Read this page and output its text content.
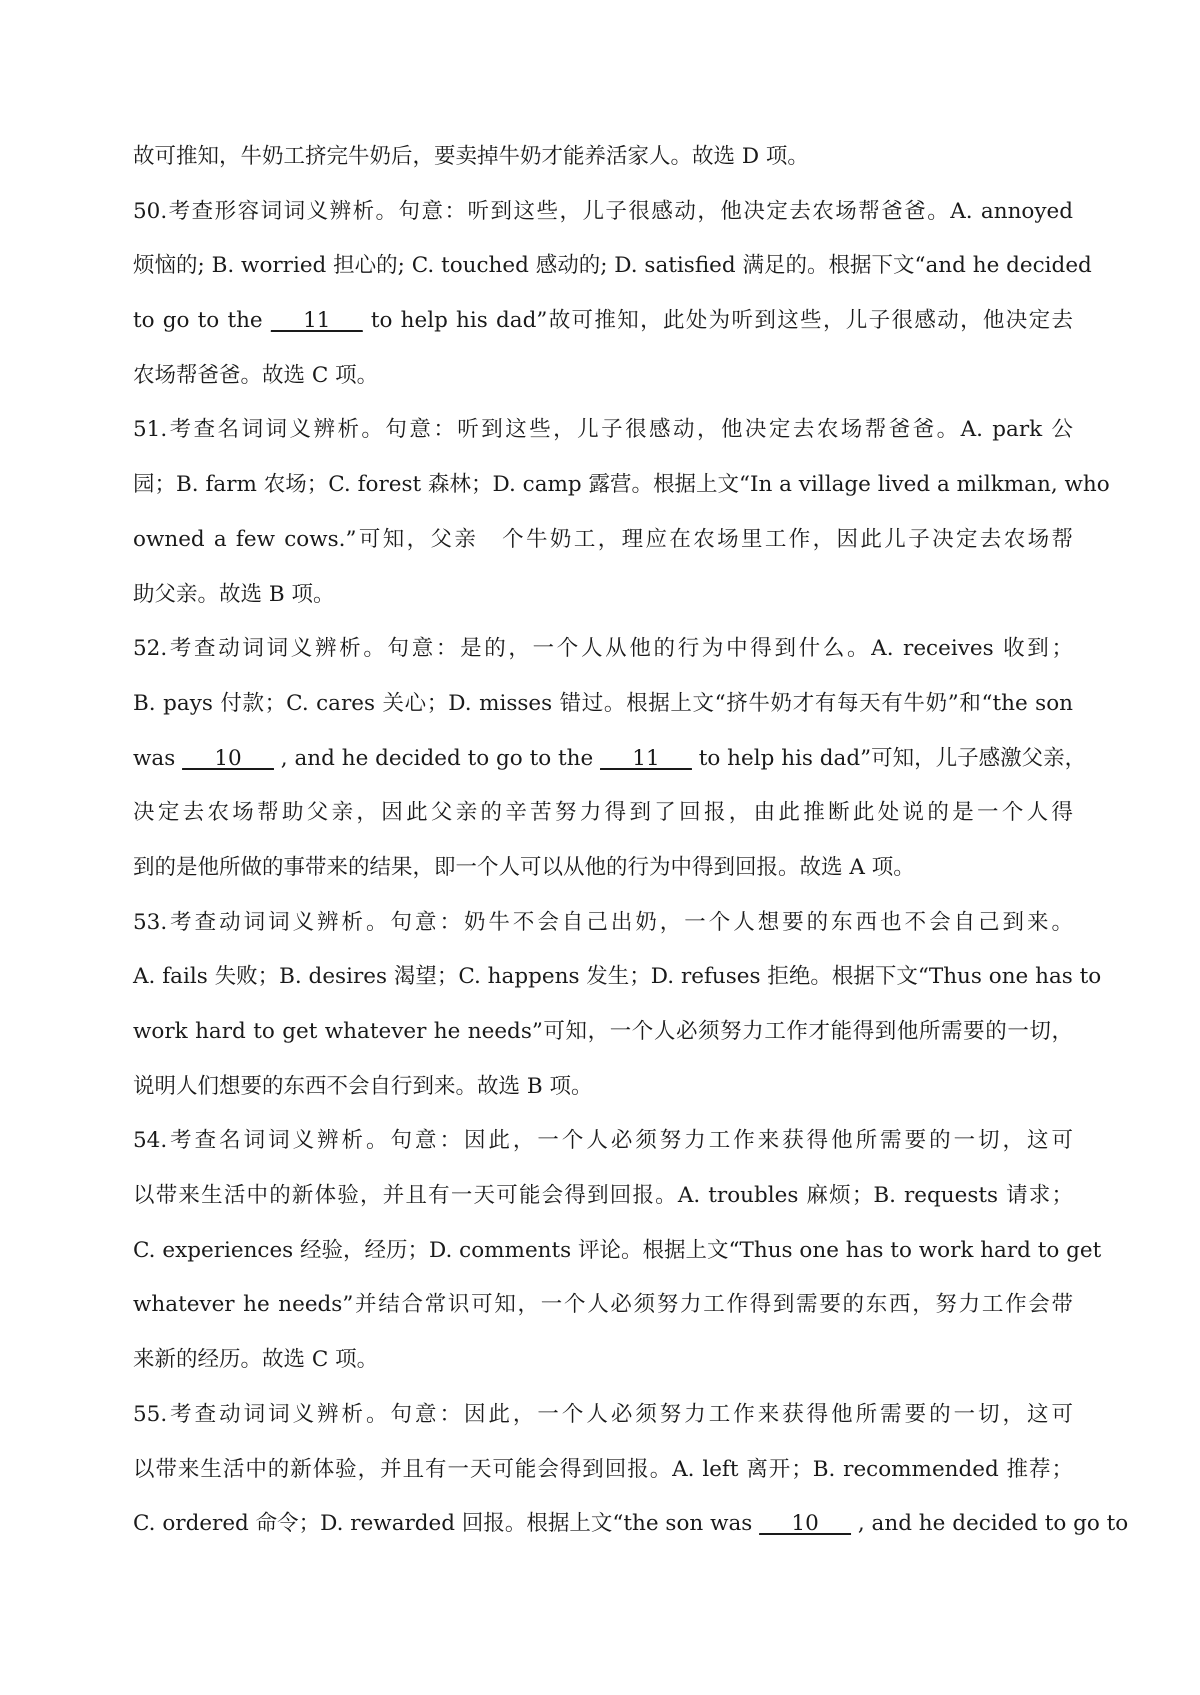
故可推知，牛奶工挤完牛奶后，要卖掉牛奶才能养活家人。故选 D 项。
50.考查形容词词义辨析。句意：听到这些，儿子很感动，他决定去农场帮爸爸。A. annoyed
烦恼的; B. worried 担心的; C. touched 感动的; D. satisfied 满足的。根据下文“and he decided
to go to the ___11___ to help his dad”故可推知，此处为听到这些，儿子很感动，他决定去
农场帮爸爸。故选 C 项。
51.考查名词词义辨析。句意：听到这些，儿子很感动，他决定去农场帮爸爸。A. park 公
园；B. farm 农场；C. forest 森林；D. camp 露营。根据上文“In a village lived a milkman, who
owned a few cows.”可知，父亲　个牛奶工，理应在农场里工作，因此儿子决定去农场帮
助父亲。故选 B 项。
52.考查动词词义辨析。句意：是的，一个人从他的行为中得到什么。A. receives 收到；
B. pays 付款；C. cares 关心；D. misses 错过。根据上文“挤牛奶才有每天有牛奶”和“the son
was ___10___ , and he decided to go to the ___11___ to help his dad”可知，儿子感激父亲，
决定去农场帮助父亲，因此父亲的辛苦努力得到了回报，由此推断此处说的是一个人得
到的是他所做的事带来的结果，即一个人可以从他的行为中得到回报。故选 A 项。
53.考查动词词义辨析。句意：奶牛不会自己出奶，一个人想要的东西也不会自己到来。
A. fails 失败；B. desires 渴望；C. happens 发生；D. refuses 拒绝。根据下文“Thus one has to
work hard to get whatever he needs”可知，一个人必须努力工作才能得到他所需要的一切，
说明人们想要的东西不会自行到来。故选 B 项。
54.考查名词词义辨析。句意：因此，一个人必须努力工作来获得他所需要的一切，这可
以带来生活中的新体验，并且有一天可能会得到回报。A. troubles 麻烦；B. requests 请求；
C. experiences 经验，经历；D. comments 评论。根据上文“Thus one has to work hard to get
whatever he needs”并结合常识可知，一个人必须努力工作得到需要的东西，努力工作会带
来新的经历。故选 C 项。
55.考查动词词义辨析。句意：因此，一个人必须努力工作来获得他所需要的一切，这可
以带来生活中的新体验，并且有一天可能会得到回报。A. left 离开；B. recommended 推荐；
C. ordered 命令；D. rewarded 回报。根据上文“the son was ___10___ , and he decided to go to
